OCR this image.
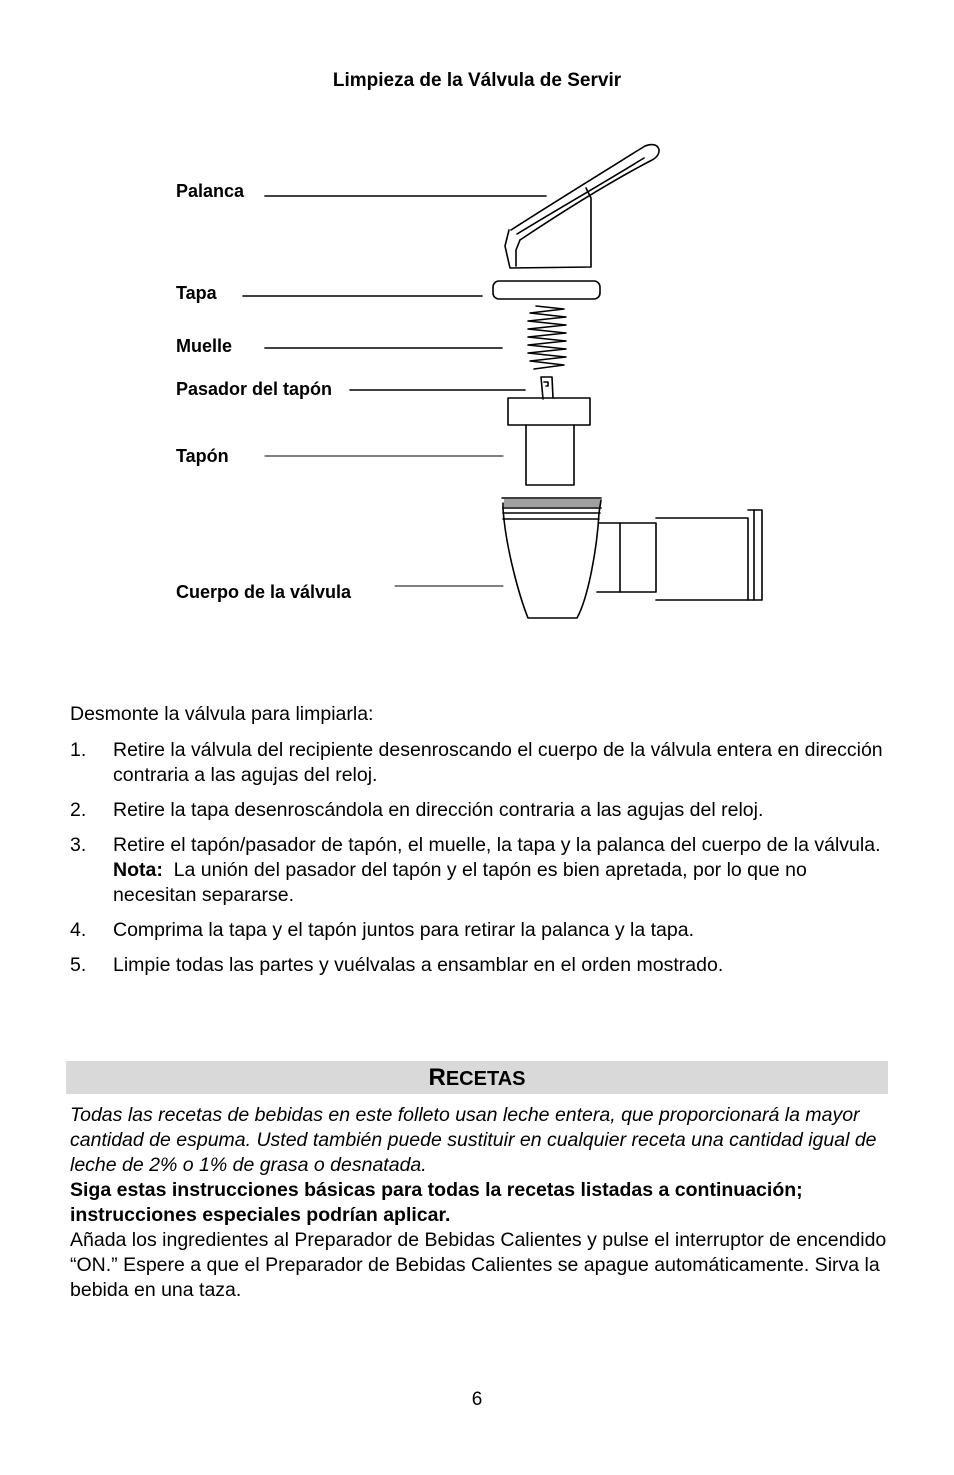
Limpieza de la Válvula de Servir
Palanca
Tapa
Muelle
Pasador del tapón
Tapón
Cuerpo de la válvula
Desmonte la válvula para limpiarla:
1. Retire la válvula del recipiente desenroscando el cuerpo de la válvula entera en dirección contraria a las agujas del reloj.
2. Retire la tapa desenroscándola en dirección contraria a las agujas del reloj.
3. Retire el tapón/pasador de tapón, el muelle, la tapa y la palanca del cuerpo de la válvula.  Nota: La unión del pasador del tapón y el tapón es bien apretada, por lo que no necesitan separarse.
4. Comprima la tapa y el tapón juntos para retirar la palanca y la tapa.
5. Limpie todas las partes y vuélvalas a ensamblar en el orden mostrado.
RECETAS
Todas las recetas de bebidas en este folleto usan leche entera, que proporcionará la mayor cantidad de espuma. Usted también puede sustituir en cualquier receta una cantidad igual de leche de 2% o 1% de grasa o desnatada.
Siga estas instrucciones básicas para todas la recetas listadas a continuación; instrucciones especiales podrían aplicar.
Añada los ingredientes al Preparador de Bebidas Calientes y pulse el interruptor de encendido “ON.” Espere a que el Preparador de Bebidas Calientes se apague automáticamente. Sirva la bebida en una taza.
6
